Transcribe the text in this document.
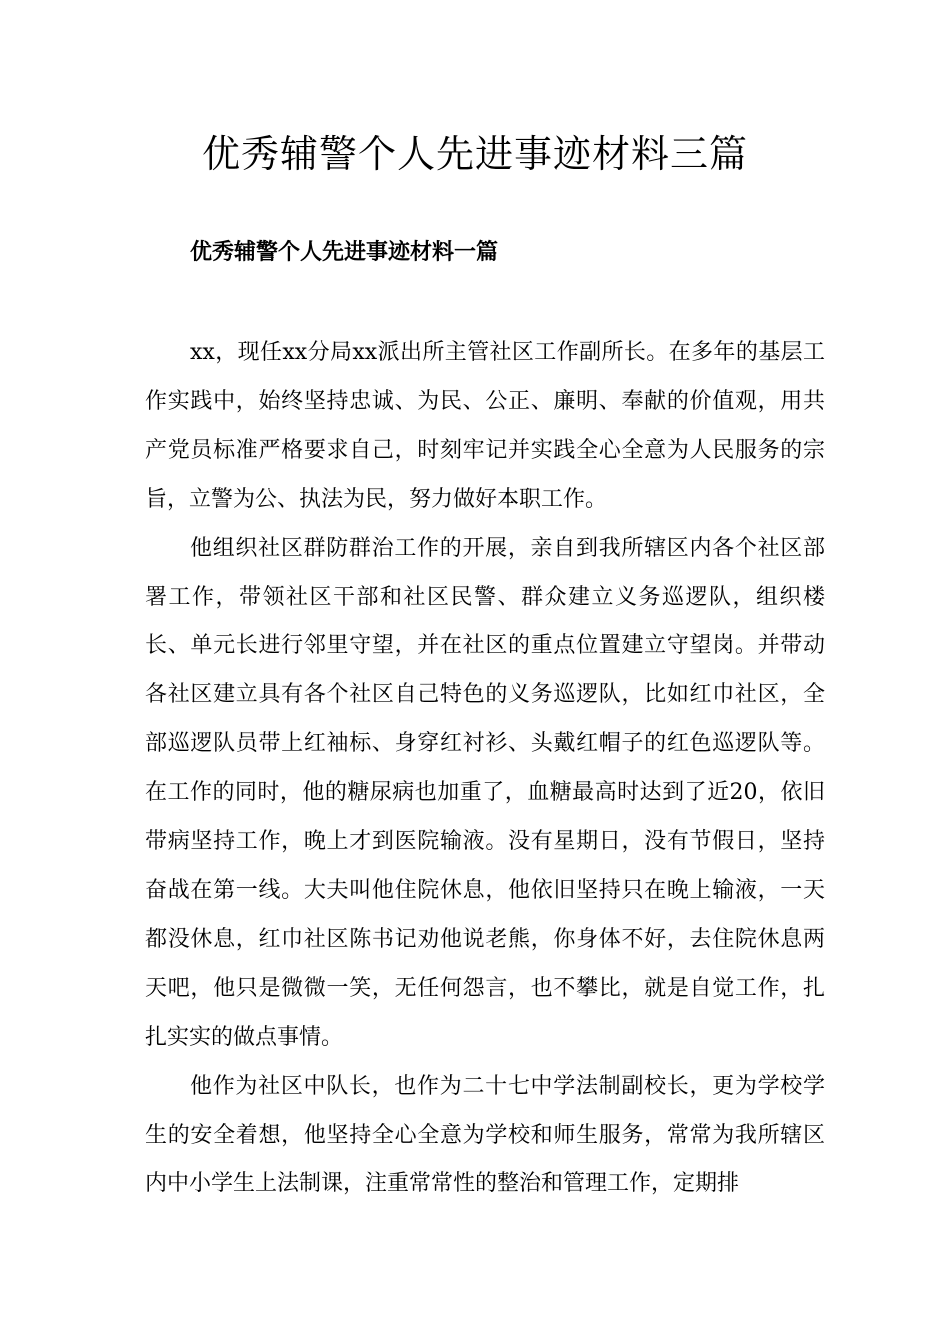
优秀辅警个人先进事迹材料三篇
优秀辅警个人先进事迹材料一篇

xx，现任xx分局xx派出所主管社区工作副所长。在多年的基层工作实践中，始终坚持忠诚、为民、公正、廉明、奉献的价值观，用共产党员标准严格要求自己，时刻牢记并实践全心全意为人民服务的宗旨，立警为公、执法为民，努力做好本职工作。

他组织社区群防群治工作的开展，亲自到我所辖区内各个社区部署工作，带领社区干部和社区民警、群众建立义务巡逻队，组织楼长、单元长进行邻里守望，并在社区的重点位置建立守望岗。并带动各社区建立具有各个社区自己特色的义务巡逻队，比如红巾社区，全部巡逻队员带上红袖标、身穿红衬衫、头戴红帽子的红色巡逻队等。在工作的同时，他的糖尿病也加重了，血糖最高时达到了近20，依旧带病坚持工作，晚上才到医院输液。没有星期日，没有节假日，坚持奋战在第一线。大夫叫他住院休息，他依旧坚持只在晚上输液，一天都没休息，红巾社区陈书记劝他说老熊，你身体不好，去住院休息两天吧，他只是微微一笑，无任何怨言，也不攀比，就是自觉工作，扎扎实实的做点事情。

他作为社区中队长，也作为二十七中学法制副校长，更为学校学生的安全着想，他坚持全心全意为学校和师生服务，常常为我所辖区内中小学生上法制课，注重常常性的整治和管理工作，定期排
